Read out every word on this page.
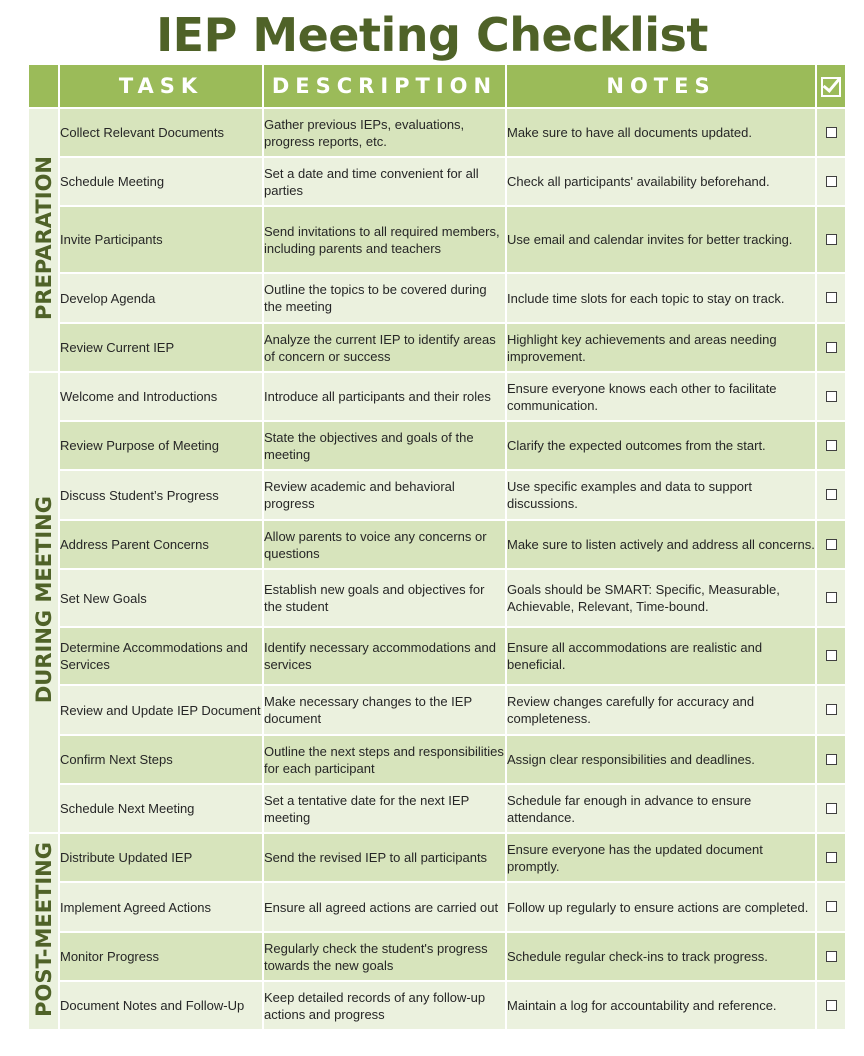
IEP Meeting Checklist
	TASK	DESCRIPTION	NOTES	
PREPARATION	Collect Relevant Documents	Gather previous IEPs, evaluations, progress reports, etc.	Make sure to have all documents updated.	
	Schedule Meeting	Set a date and time convenient for all parties	Check all participants' availability beforehand.	
	Invite Participants	Send invitations to all required members, including parents and teachers	Use email and calendar invites for better tracking.	
	Develop Agenda	Outline the topics to be covered during the meeting	Include time slots for each topic to stay on track.	
	Review Current IEP	Analyze the current IEP to identify areas of concern or success	Highlight key achievements and areas needing improvement.	
DURING MEETING	Welcome and Introductions	Introduce all participants and their roles	Ensure everyone knows each other to facilitate communication.	
	Review Purpose of Meeting	State the objectives and goals of the meeting	Clarify the expected outcomes from the start.	
	Discuss Student’s Progress	Review academic and behavioral progress	Use specific examples and data to support discussions.	
	Address Parent Concerns	Allow parents to voice any concerns or questions	Make sure to listen actively and address all concerns.	
	Set New Goals	Establish new goals and objectives for the student	Goals should be SMART: Specific, Measurable, Achievable, Relevant, Time-bound.	
	Determine Accommodations and Services	Identify necessary accommodations and services	Ensure all accommodations are realistic and beneficial.	
	Review and Update IEP Document	Make necessary changes to the IEP document	Review changes carefully for accuracy and completeness.	
	Confirm Next Steps	Outline the next steps and responsibilities for each participant	Assign clear responsibilities and deadlines.	
	Schedule Next Meeting	Set a tentative date for the next IEP meeting	Schedule far enough in advance to ensure attendance.	
POST-MEETING	Distribute Updated IEP	Send the revised IEP to all participants	Ensure everyone has the updated document promptly.	
	Implement Agreed Actions	Ensure all agreed actions are carried out	Follow up regularly to ensure actions are completed.	
	Monitor Progress	Regularly check the student's progress towards the new goals	Schedule regular check-ins to track progress.	
	Document Notes and Follow-Up	Keep detailed records of any follow-up actions and progress	Maintain a log for accountability and reference.	
